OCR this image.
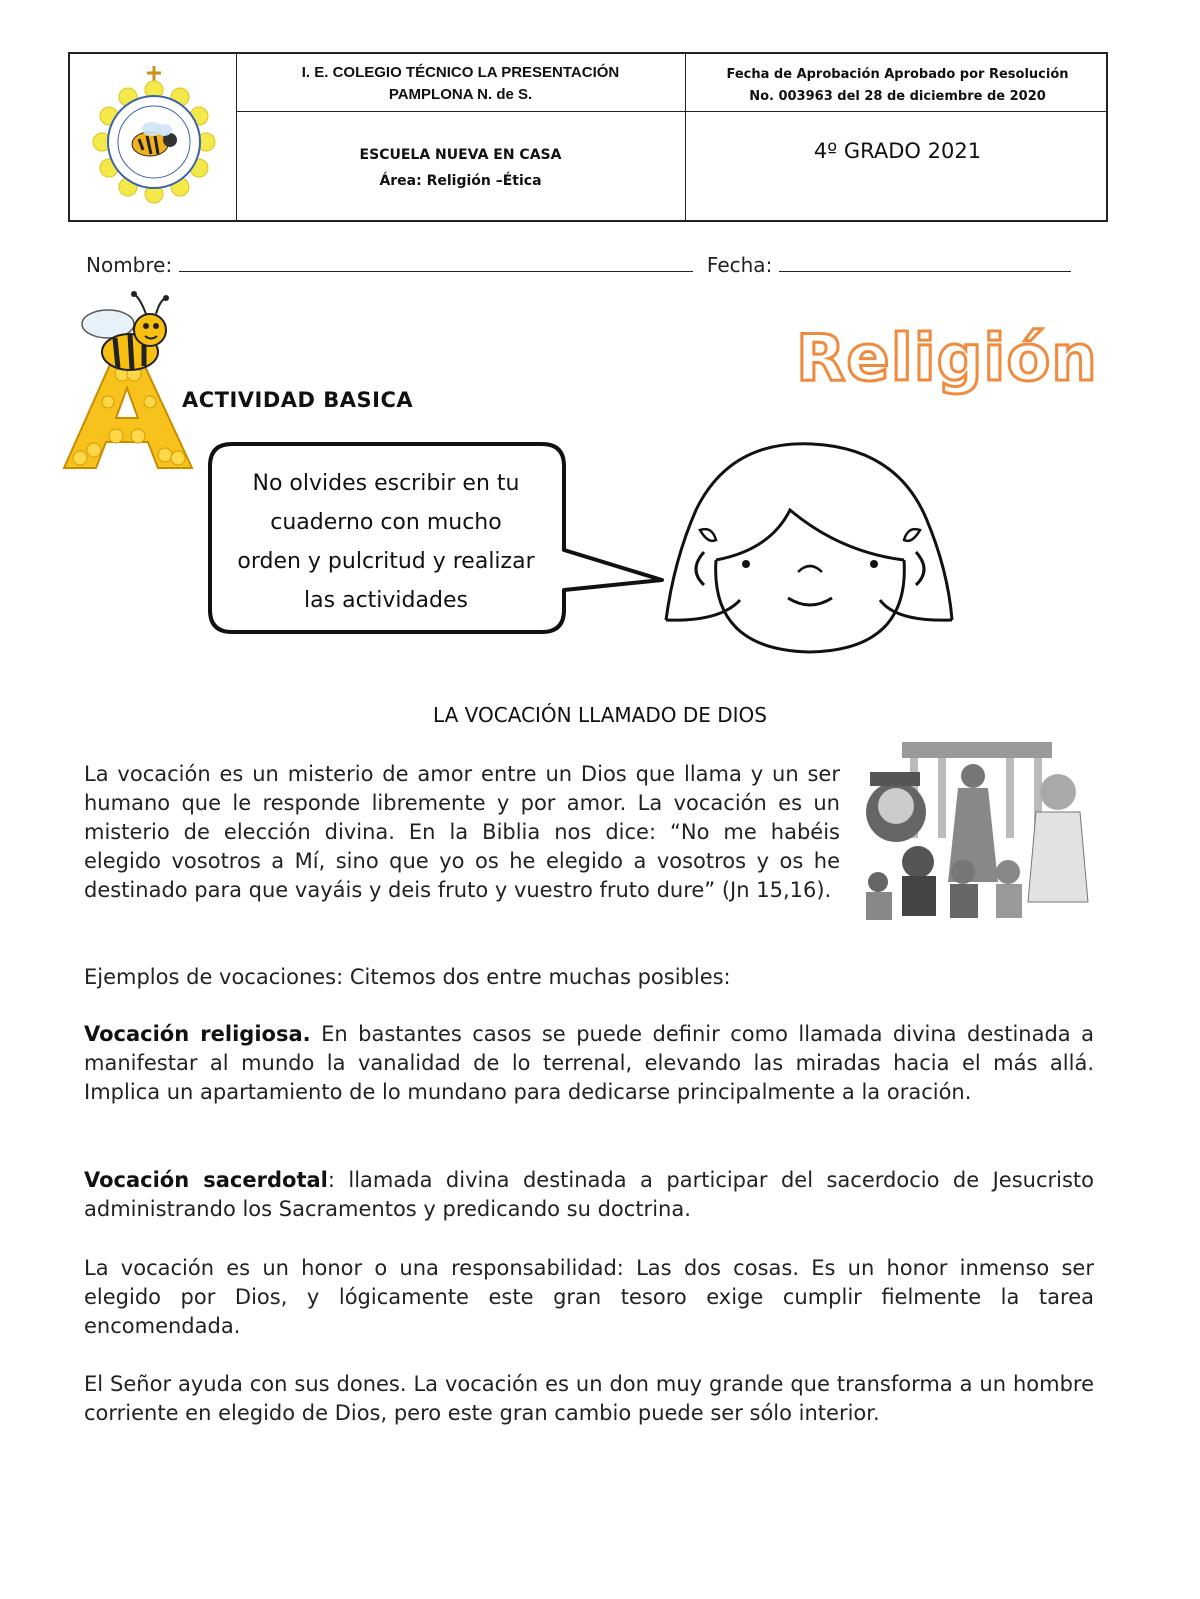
I. E. COLEGIO TÉCNICO LA PRESENTACIÓN
PAMPLONA N. de S.
Fecha de Aprobación Aprobado por Resolución
No. 003963 del 28 de diciembre de 2020
ESCUELA NUEVA EN CASA
Área: Religión –Ética
4º GRADO 2021
Nombre:	Fecha:
ACTIVIDAD BASICA
Religión
No olvides escribir en tu
cuaderno con mucho
orden y pulcritud y realizar
las actividades
LA VOCACIÓN LLAMADO DE DIOS

La vocación es un misterio de amor entre un Dios que llama y un ser humano que le responde libremente y por amor. La vocación es un misterio de elección divina. En la Biblia nos dice: “No me habéis elegido vosotros a Mí, sino que yo os he elegido a vosotros y os he destinado para que vayáis y deis fruto y vuestro fruto dure” (Jn 15,16).

Ejemplos de vocaciones: Citemos dos entre muchas posibles:

Vocación religiosa. En bastantes casos se puede definir como llamada divina destinada a manifestar al mundo la vanalidad de lo terrenal, elevando las miradas hacia el más allá. Implica un apartamiento de lo mundano para dedicarse principalmente a la oración.

Vocación sacerdotal: llamada divina destinada a participar del sacerdocio de Jesucristo administrando los Sacramentos y predicando su doctrina.

La vocación es un honor o una responsabilidad: Las dos cosas. Es un honor inmenso ser elegido por Dios, y lógicamente este gran tesoro exige cumplir fielmente la tarea encomendada.

El Señor ayuda con sus dones. La vocación es un don muy grande que transforma a un hombre corriente en elegido de Dios, pero este gran cambio puede ser sólo interior.
